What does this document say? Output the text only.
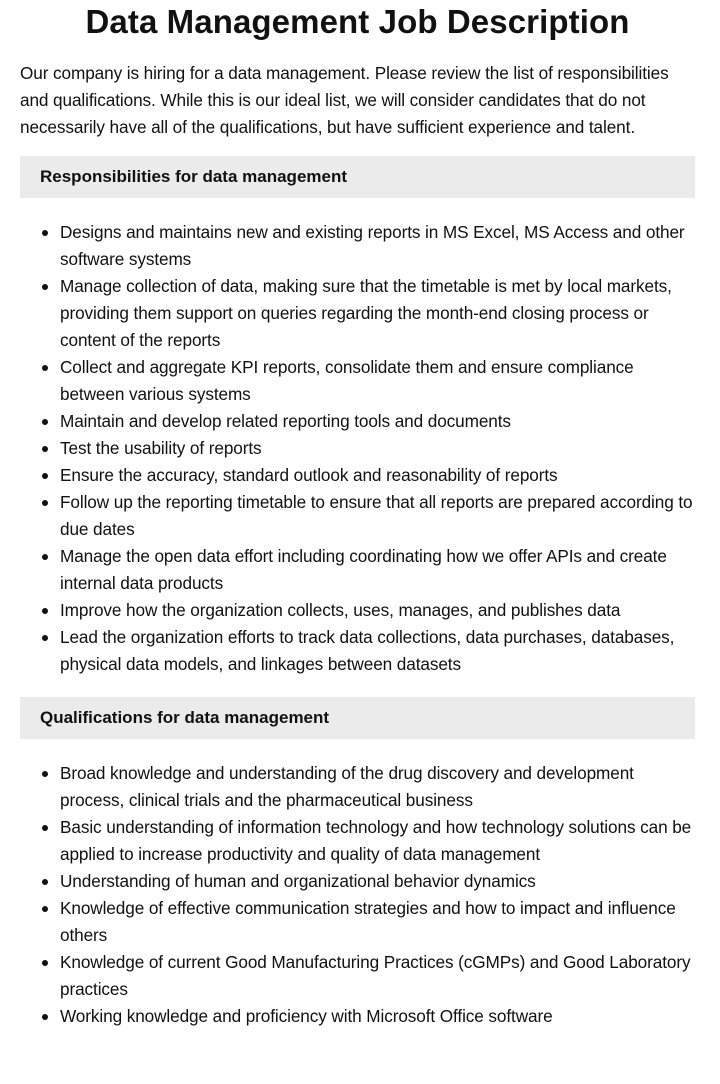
Data Management Job Description

Our company is hiring for a data management. Please review the list of responsibilities and qualifications. While this is our ideal list, we will consider candidates that do not necessarily have all of the qualifications, but have sufficient experience and talent.

Responsibilities for data management
Designs and maintains new and existing reports in MS Excel, MS Access and other software systems
Manage collection of data, making sure that the timetable is met by local markets, providing them support on queries regarding the month-end closing process or content of the reports
Collect and aggregate KPI reports, consolidate them and ensure compliance between various systems
Maintain and develop related reporting tools and documents
Test the usability of reports
Ensure the accuracy, standard outlook and reasonability of reports
Follow up the reporting timetable to ensure that all reports are prepared according to due dates
Manage the open data effort including coordinating how we offer APIs and create internal data products
Improve how the organization collects, uses, manages, and publishes data
Lead the organization efforts to track data collections, data purchases, databases, physical data models, and linkages between datasets
Qualifications for data management
Broad knowledge and understanding of the drug discovery and development process, clinical trials and the pharmaceutical business
Basic understanding of information technology and how technology solutions can be applied to increase productivity and quality of data management
Understanding of human and organizational behavior dynamics
Knowledge of effective communication strategies and how to impact and influence others
Knowledge of current Good Manufacturing Practices (cGMPs) and Good Laboratory practices
Working knowledge and proficiency with Microsoft Office software
